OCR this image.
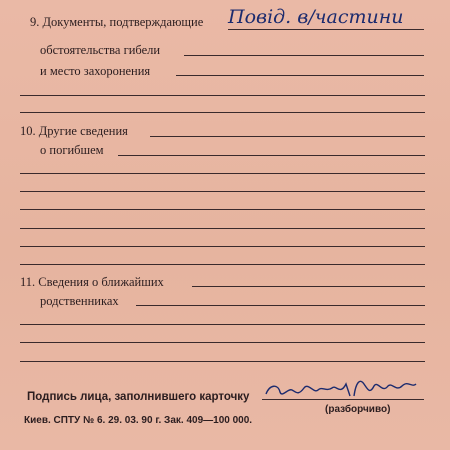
9. Документы, подтверждающие Повід. в/частини
обстоятельства гибели
и место захоронения
10. Другие сведения
о погибшем
11. Сведения о ближайших
родственниках
Подпись лица, заполнившего карточку
(разборчиво)
Киев. СПТУ № 6. 29. 03. 90 г. Зак. 409—100 000.
